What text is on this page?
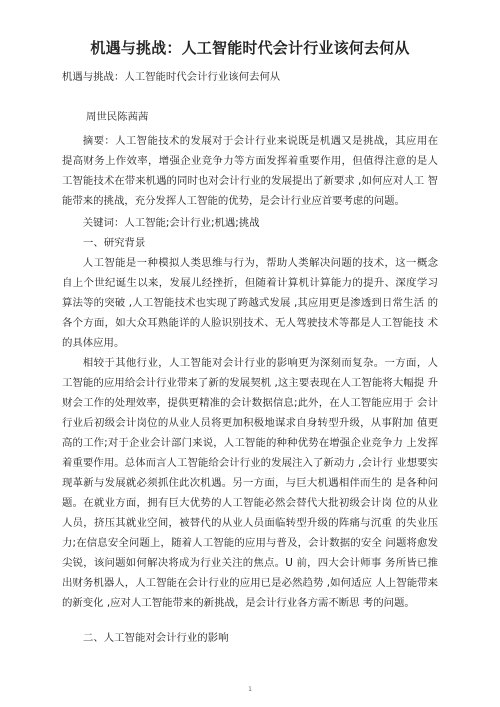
机遇与挑战：人工智能时代会计行业该何去何从

机遇与挑战：人工智能时代会计行业该何去何从

周世民陈茜茜

摘要：人工智能技术的发展对于会计行业来说既是机遇又是挑战，其应用在 提高财务上作效率，增强企业竞争力等方面发挥着重要作用，但值得注意的是人 工智能技术在带来机遇的同时也对会计行业的发展提出了新要求 ,如何应对人工 智能带来的挑战，充分发挥人工智能的优势，是会计行业应首要考虑的问题。

关键词：人工智能;会计行业;机遇;挑战

一、研究背景

人工智能是一种模拟人类思维与行为，帮助人类解决问题的技术，这一概念 自上个世纪诞生以来，发展儿经挫折，但随着计算机计算能力的提升、深度学习 算法等的突破 ,人工智能技术也实现了跨越式发展 ,其应用更是渗透到日常生活 的各个方面，如大众耳熟能详的人脸识别技术、无人驾驶技术等都是人工智能技 术的具体应用。

相较于其他行业，人工智能对会计行业的影响更为深刻而复杂。一方面，人 工智能的应用给会计行业带来了新的发展契机 ,这主要表现在人工智能将大幅提 升财会工作的处理效率，提供更精准的会计数据信息;此外，在人工智能应用于 会计行业后初级会计岗位的从业人员将更加积极地谋求自身转型升级，从事附加 值更高的工作;对于企业会计部门来说，人工智能的种种优势在增强企业竞争力 上发挥着重要作用。总体而言人工智能给会计行业的发展注入了新动力 ,会计行 业想要实现革新与发展就必须抓住此次机遇。另一方面，与巨大机遇相伴而生的 是各种问题。在就业方面，拥有巨大优势的人工智能必然会替代大批初级会计岗 位的从业人员，挤压其就业空间，被替代的从业人员面临转型升级的阵痛与沉重 的失业压力;在信息安全问题上，随着人工智能的应用与普及，会计数据的安全 问题将愈发尖锐，该问题如何解决将成为行业关注的焦点。U 前，四大会计师事 务所皆已推出财务机器人，人工智能在会计行业的应用已是必然趋势 ,如何适应 人上智能带来的新变化 ,应对人工智能带来的新挑战，是会计行业各方需不断思 考的问题。

二、人工智能对会计行业的影响

1
